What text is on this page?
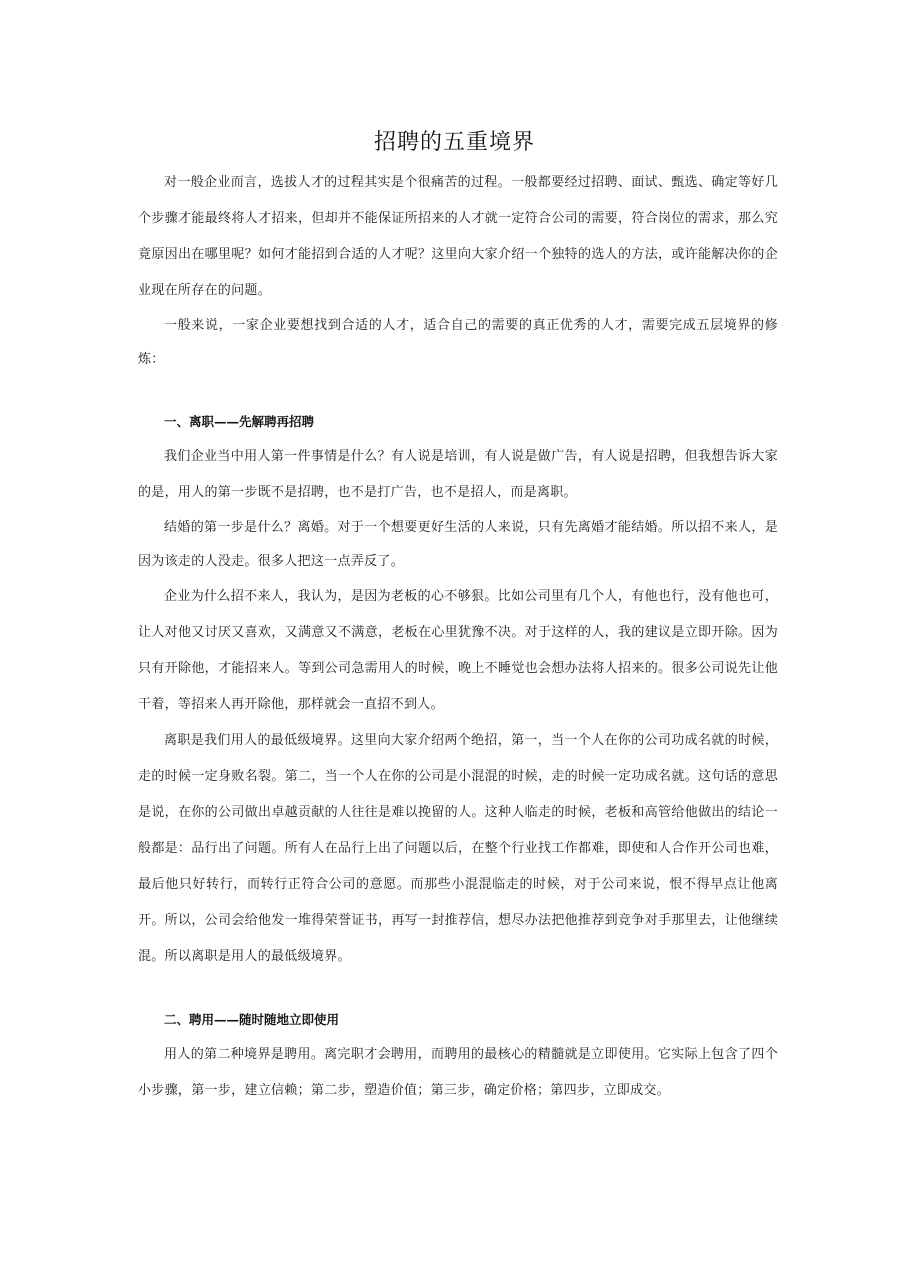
招聘的五重境界

对一般企业而言，选拔人才的过程其实是个很痛苦的过程。一般都要经过招聘、面试、甄选、确定等好几个步骤才能最终将人才招来，但却并不能保证所招来的人才就一定符合公司的需要，符合岗位的需求，那么究竟原因出在哪里呢？如何才能招到合适的人才呢？这里向大家介绍一个独特的选人的方法，或许能解决你的企业现在所存在的问题。

一般来说，一家企业要想找到合适的人才，适合自己的需要的真正优秀的人才，需要完成五层境界的修炼：

一、离职——先解聘再招聘

我们企业当中用人第一件事情是什么？有人说是培训，有人说是做广告，有人说是招聘，但我想告诉大家的是，用人的第一步既不是招聘，也不是打广告，也不是招人，而是离职。

结婚的第一步是什么？离婚。对于一个想要更好生活的人来说，只有先离婚才能结婚。所以招不来人，是因为该走的人没走。很多人把这一点弄反了。

企业为什么招不来人，我认为，是因为老板的心不够狠。比如公司里有几个人，有他也行，没有他也可，让人对他又讨厌又喜欢，又满意又不满意，老板在心里犹豫不决。对于这样的人，我的建议是立即开除。因为只有开除他，才能招来人。等到公司急需用人的时候，晚上不睡觉也会想办法将人招来的。很多公司说先让他干着，等招来人再开除他，那样就会一直招不到人。

离职是我们用人的最低级境界。这里向大家介绍两个绝招，第一，当一个人在你的公司功成名就的时候，走的时候一定身败名裂。第二，当一个人在你的公司是小混混的时候，走的时候一定功成名就。这句话的意思是说，在你的公司做出卓越贡献的人往往是难以挽留的人。这种人临走的时候，老板和高管给他做出的结论一般都是：品行出了问题。所有人在品行上出了问题以后，在整个行业找工作都难，即使和人合作开公司也难，最后他只好转行，而转行正符合公司的意愿。而那些小混混临走的时候，对于公司来说，恨不得早点让他离开。所以，公司会给他发一堆得荣誉证书，再写一封推荐信，想尽办法把他推荐到竞争对手那里去，让他继续混。所以离职是用人的最低级境界。

二、聘用——随时随地立即使用

用人的第二种境界是聘用。离完职才会聘用，而聘用的最核心的精髓就是立即使用。它实际上包含了四个小步骤，第一步，建立信赖；第二步，塑造价值；第三步，确定价格；第四步，立即成交。
